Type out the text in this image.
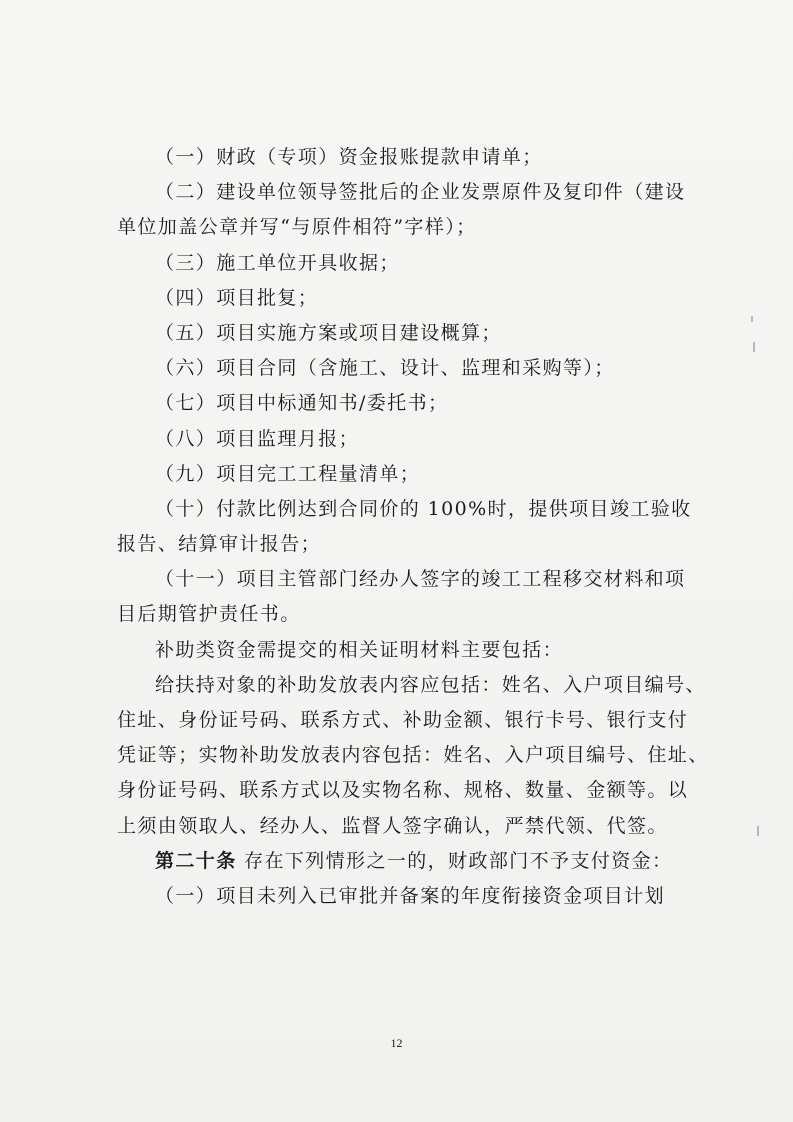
（一）财政（专项）资金报账提款申请单；
（二）建设单位领导签批后的企业发票原件及复印件（建设
单位加盖公章并写“与原件相符”字样）；
（三）施工单位开具收据；
（四）项目批复；
（五）项目实施方案或项目建设概算；
（六）项目合同（含施工、设计、监理和采购等）；
（七）项目中标通知书/委托书；
（八）项目监理月报；
（九）项目完工工程量清单；
（十）付款比例达到合同价的 100%时，提供项目竣工验收
报告、结算审计报告；
（十一）项目主管部门经办人签字的竣工工程移交材料和项
目后期管护责任书。
补助类资金需提交的相关证明材料主要包括：
给扶持对象的补助发放表内容应包括：姓名、入户项目编号、
住址、身份证号码、联系方式、补助金额、银行卡号、银行支付
凭证等；实物补助发放表内容包括：姓名、入户项目编号、住址、
身份证号码、联系方式以及实物名称、规格、数量、金额等。以
上须由领取人、经办人、监督人签字确认，严禁代领、代签。
第二十条 存在下列情形之一的，财政部门不予支付资金：
（一）项目未列入已审批并备案的年度衔接资金项目计划
12
